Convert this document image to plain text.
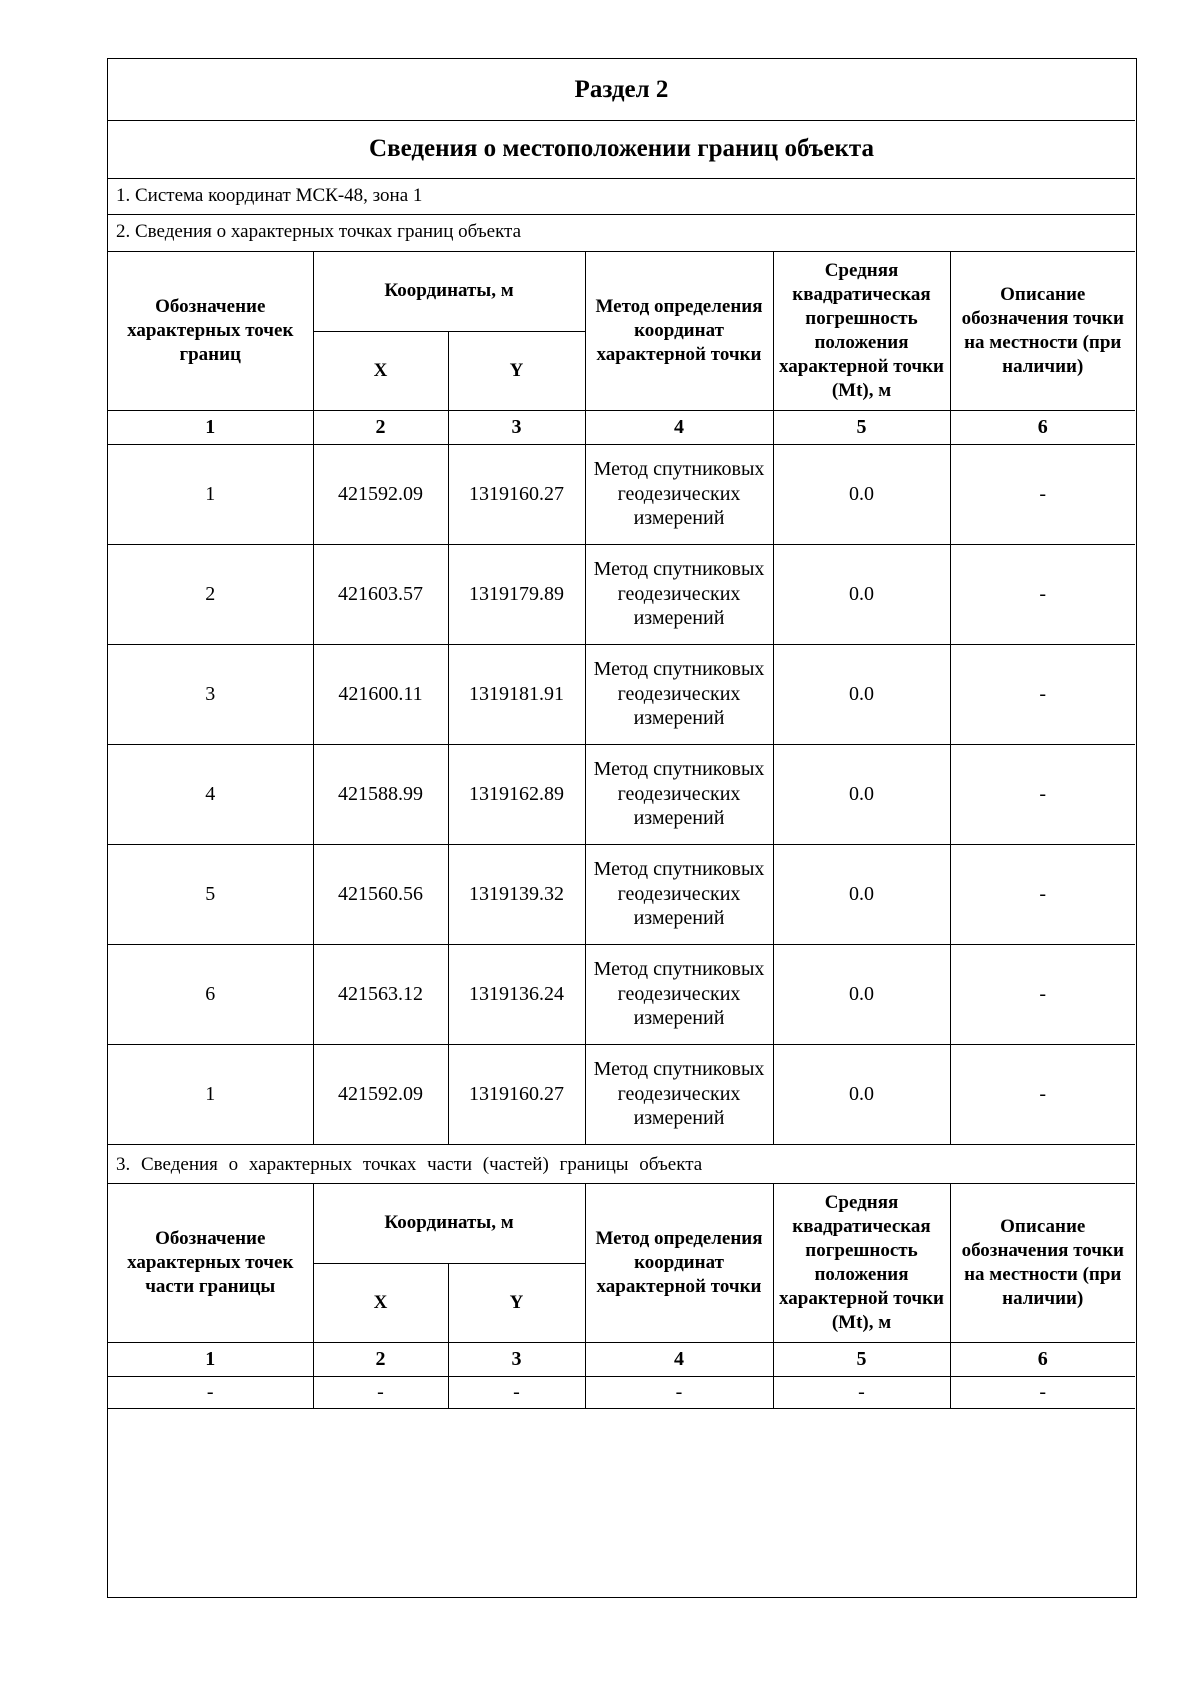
Раздел 2
Сведения о местоположении границ объекта
1. Система координат МСК-48, зона 1
2. Сведения о характерных точках границ объекта
Обозначение характерных точек границ	Координаты, м		Метод определения координат характерной точки	Средняя квадратическая погрешность положения характерной точки (Mt), м	Описание обозначения точки на местности (при наличии)
	X	Y			
1	2	3	4	5	6
1	421592.09	1319160.27	Метод спутниковых геодезических измерений	0.0	-
2	421603.57	1319179.89	Метод спутниковых геодезических измерений	0.0	-
3	421600.11	1319181.91	Метод спутниковых геодезических измерений	0.0	-
4	421588.99	1319162.89	Метод спутниковых геодезических измерений	0.0	-
5	421560.56	1319139.32	Метод спутниковых геодезических измерений	0.0	-
6	421563.12	1319136.24	Метод спутниковых геодезических измерений	0.0	-
1	421592.09	1319160.27	Метод спутниковых геодезических измерений	0.0	-
3. Сведения о характерных точках части (частей) границы объекта
Обозначение характерных точек части границы	Координаты, м		Метод определения координат характерной точки	Средняя квадратическая погрешность положения характерной точки (Mt), м	Описание обозначения точки на местности (при наличии)
	X	Y			
1	2	3	4	5	6
-	-	-	-	-	-
